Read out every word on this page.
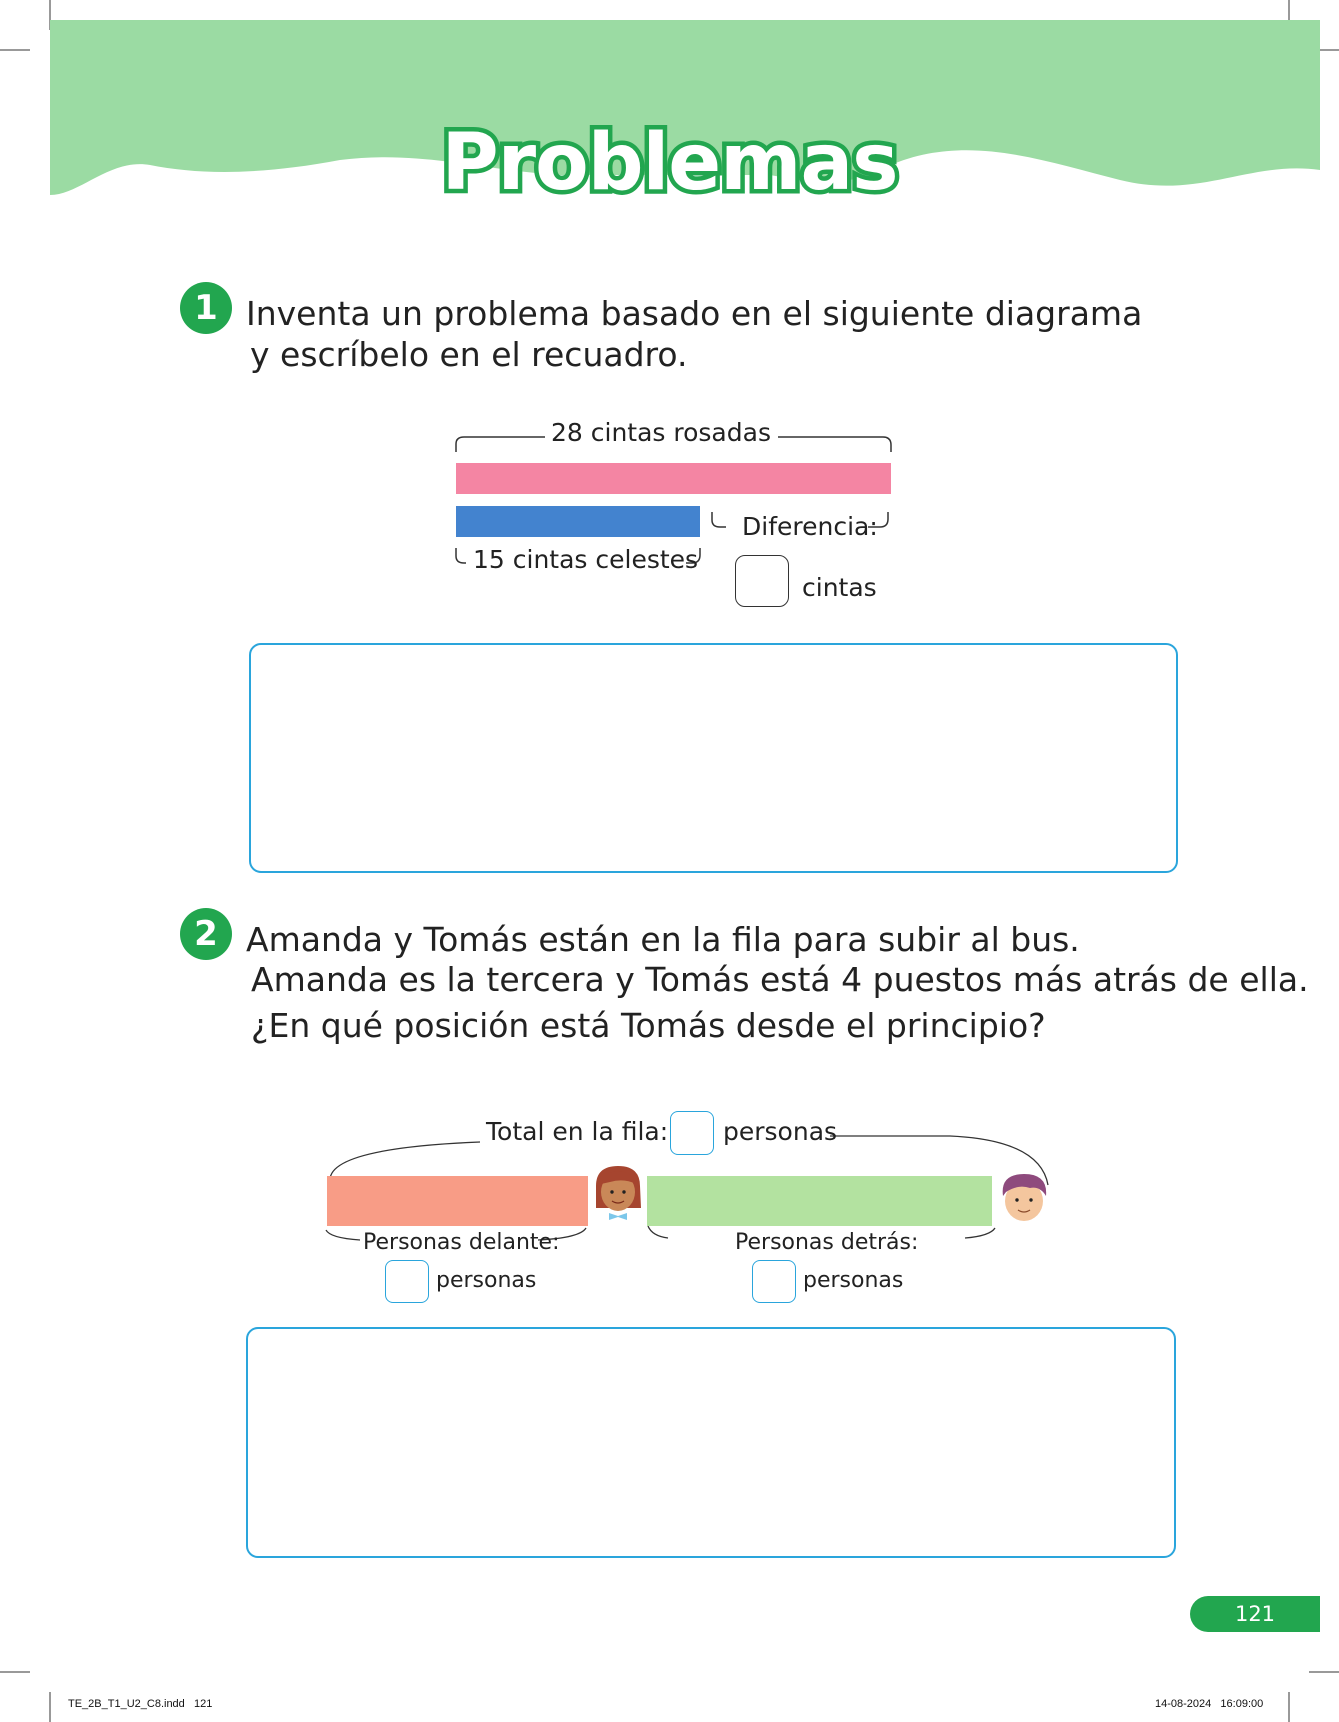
Problemas
1 Inventa un problema basado en el siguiente diagrama
y escríbelo en el recuadro.
28 cintas rosadas
15 cintas celestes
Diferencia:
cintas
2 Amanda y Tomás están en la fila para subir al bus.
Amanda es la tercera y Tomás está 4 puestos más atrás de ella.
¿En qué posición está Tomás desde el principio?
Total en la fila: personas
Personas delante:
personas
Personas detrás:
personas
121
TE_2B_T1_U2_C8.indd   121	14-08-2024   16:09:00
